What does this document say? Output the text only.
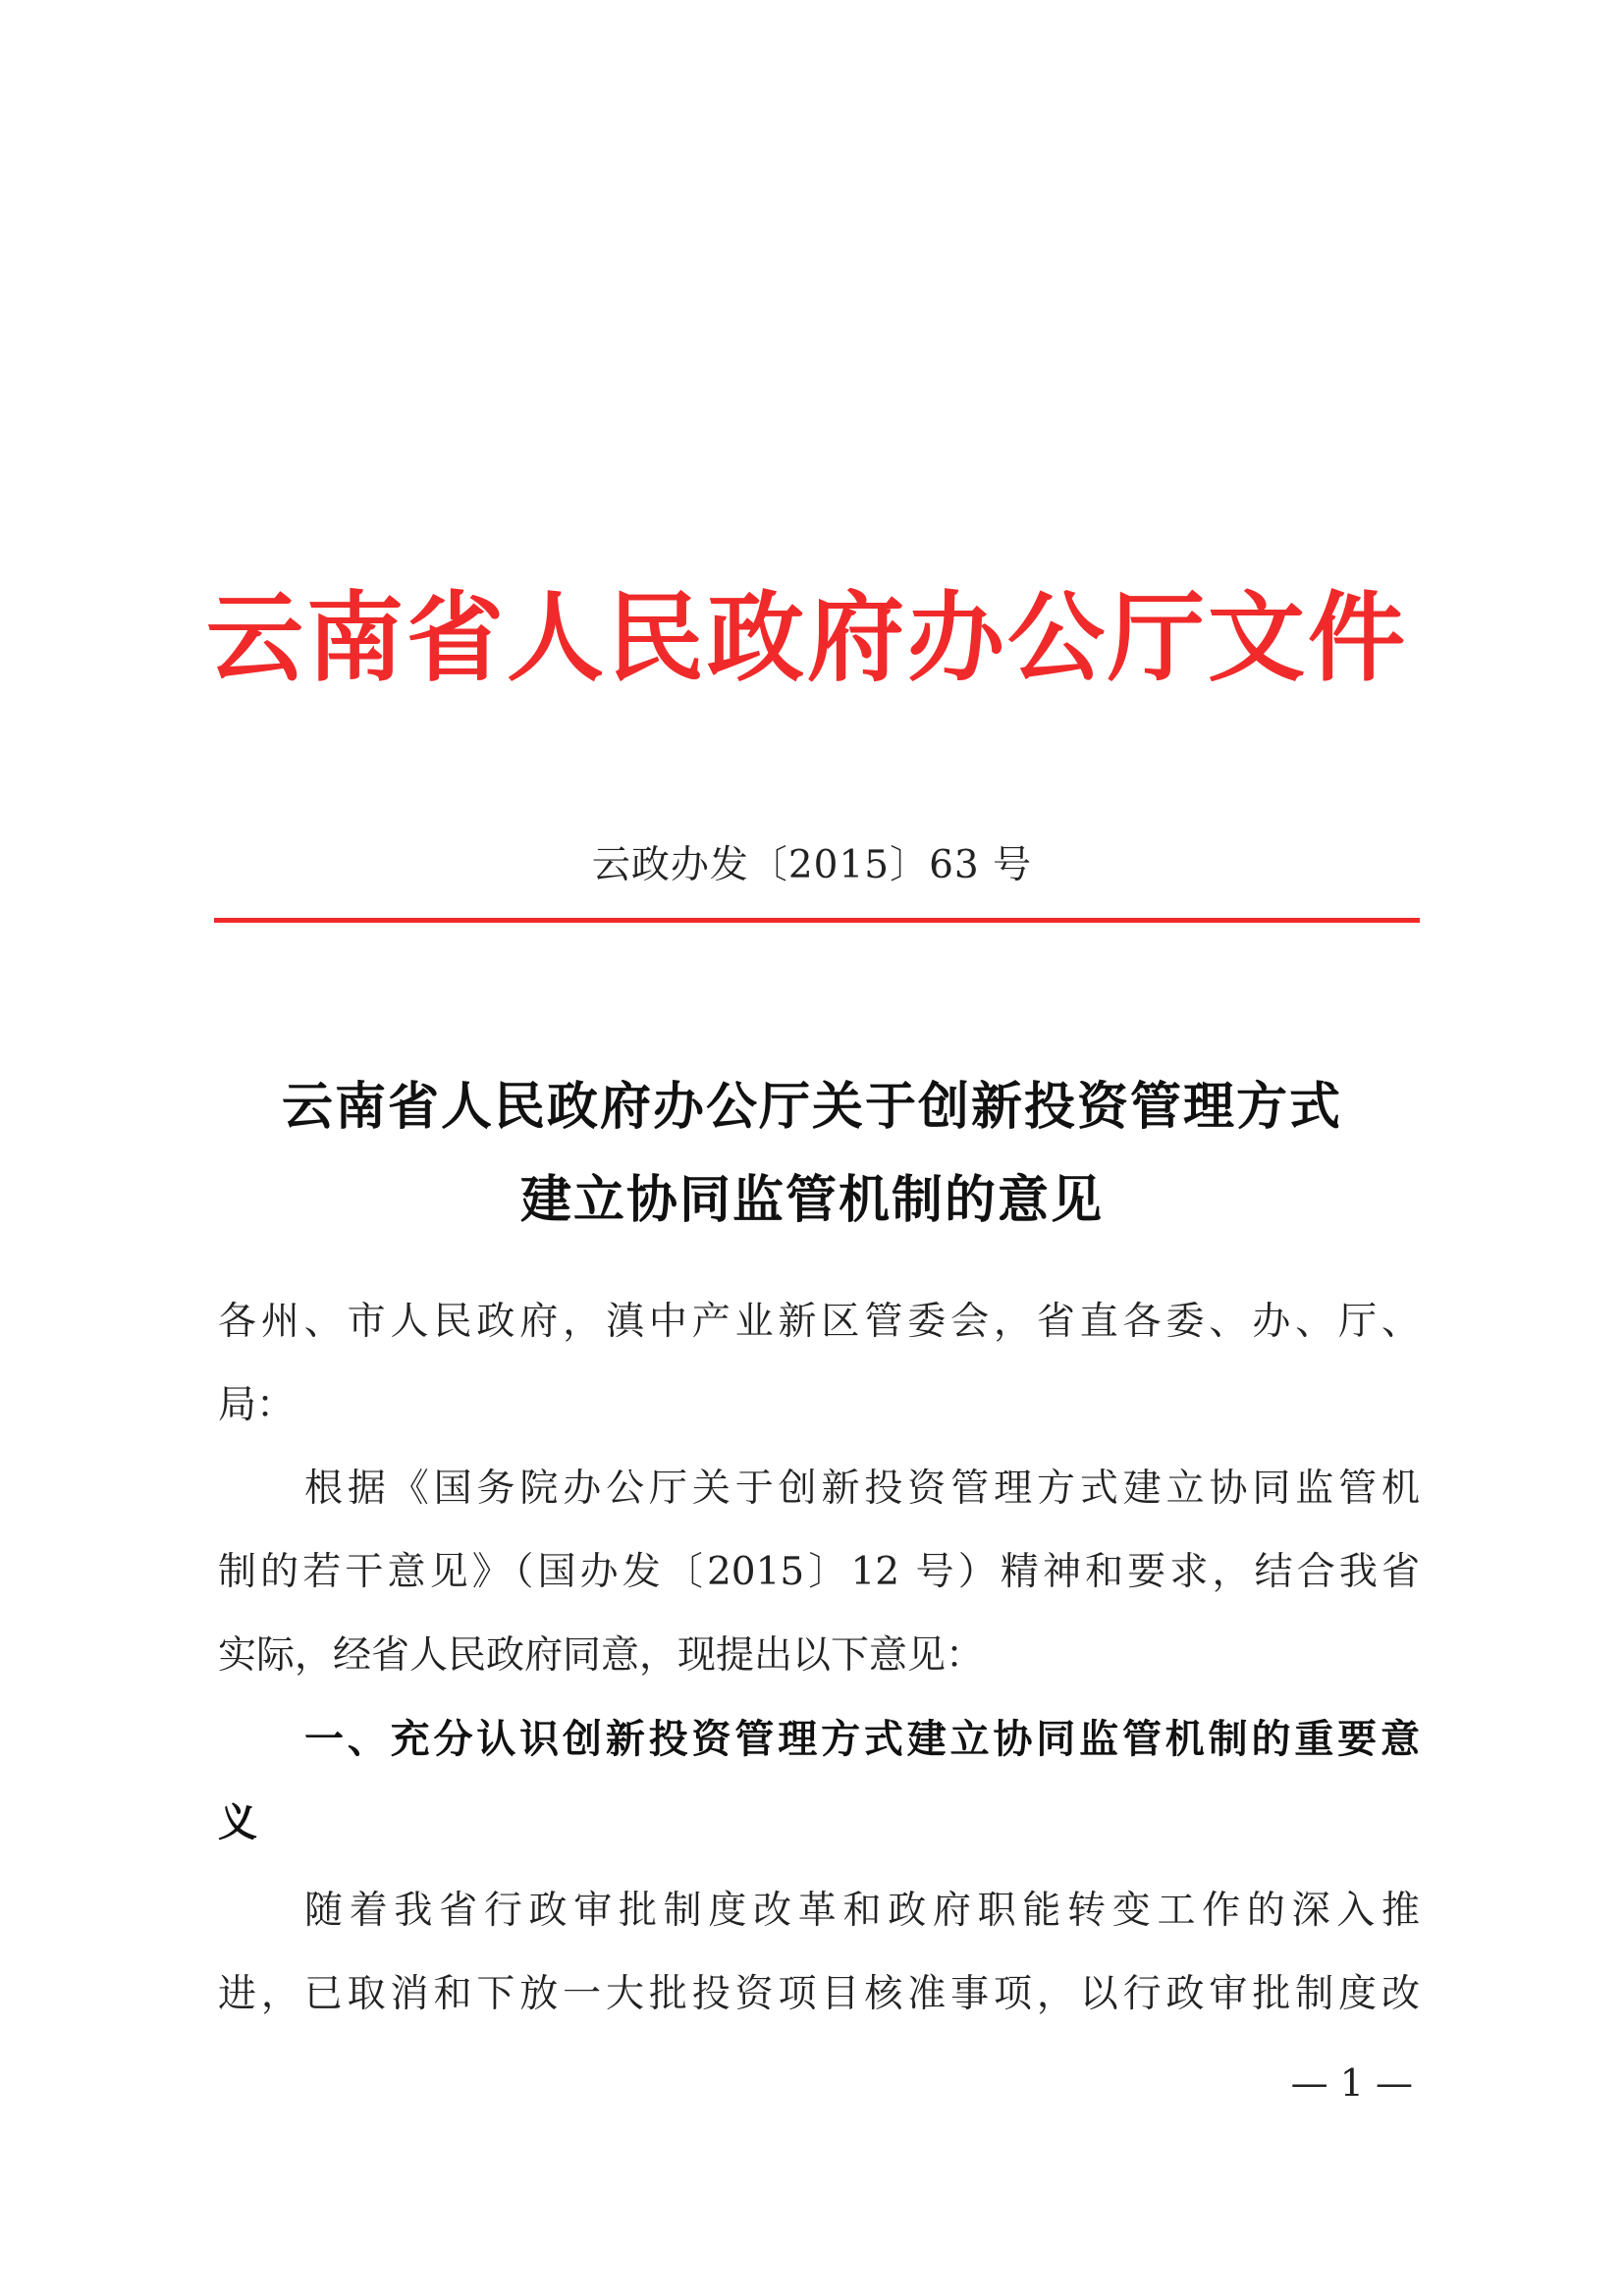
云南省人民政府办公厅文件
云政办发〔2015〕63 号
云南省人民政府办公厅关于创新投资管理方式
建立协同监管机制的意见
各州、市人民政府，滇中产业新区管委会，省直各委、办、厅、
局：
根据《国务院办公厅关于创新投资管理方式建立协同监管机
制的若干意见》（国办发〔2015〕12 号）精神和要求，结合我省
实际，经省人民政府同意，现提出以下意见：
一、充分认识创新投资管理方式建立协同监管机制的重要意
义
随着我省行政审批制度改革和政府职能转变工作的深入推
进，已取消和下放一大批投资项目核准事项，以行政审批制度改
— 1 —
